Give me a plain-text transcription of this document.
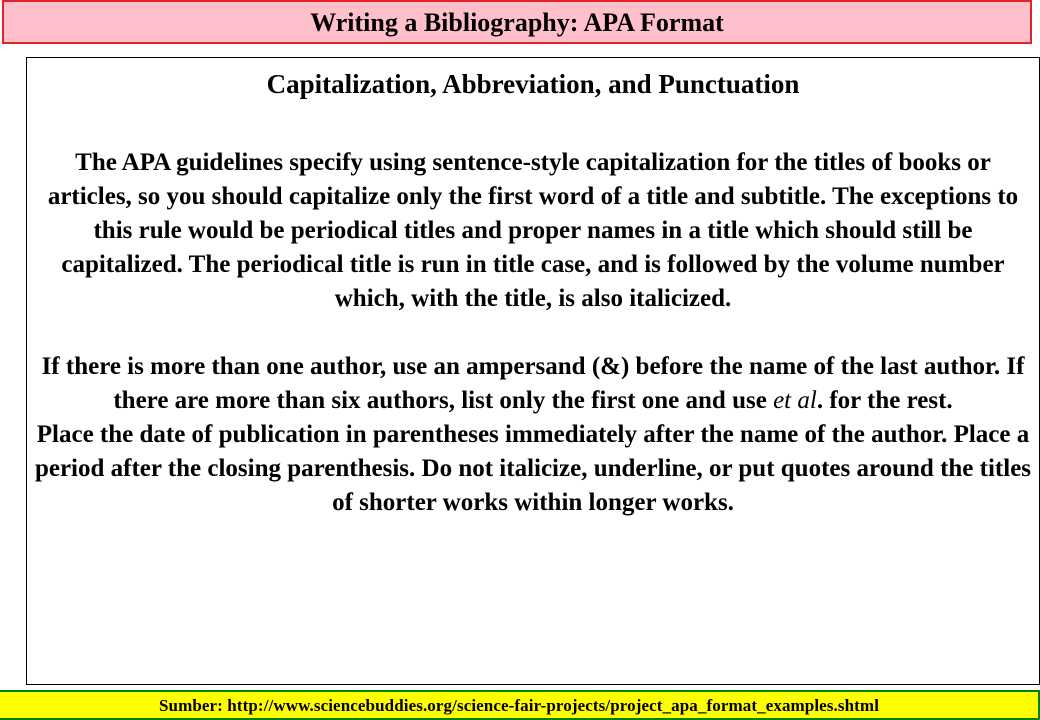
Writing a Bibliography: APA Format
Capitalization, Abbreviation, and Punctuation

The APA guidelines specify using sentence-style capitalization for the titles of books or articles, so you should capitalize only the first word of a title and subtitle. The exceptions to this rule would be periodical titles and proper names in a title which should still be capitalized. The periodical title is run in title case, and is followed by the volume number which, with the title, is also italicized.

If there is more than one author, use an ampersand (&) before the name of the last author. If there are more than six authors, list only the first one and use et al. for the rest.

Place the date of publication in parentheses immediately after the name of the author. Place a period after the closing parenthesis. Do not italicize, underline, or put quotes around the titles of shorter works within longer works.

Sumber: http://www.sciencebuddies.org/science-fair-projects/project_apa_format_examples.shtml
